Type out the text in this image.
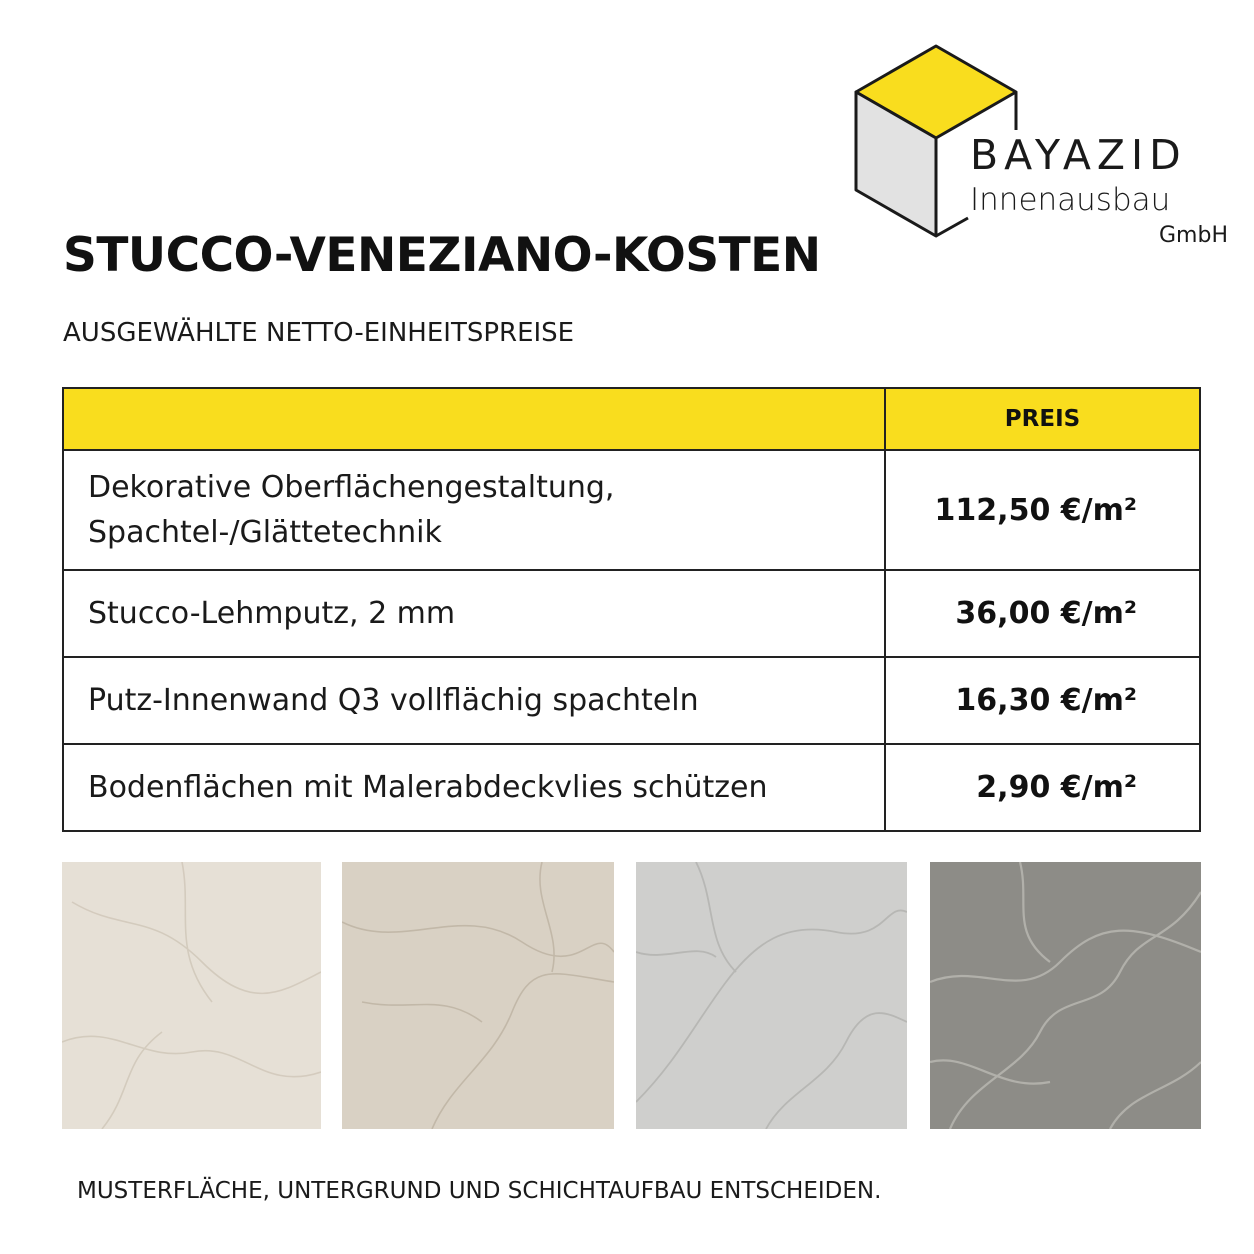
BAYAZID
Innenausbau
GmbH
STUCCO-VENEZIANO-KOSTEN
AUSGEWÄHLTE NETTO-EINHEITSPREISE
	PREIS
Dekorative Oberflächengestaltung,
Spachtel-/Glättetechnik	112,50 €/m²
Stucco-Lehmputz, 2 mm	36,00 €/m²
Putz-Innenwand Q3 vollflächig spachteln	16,30 €/m²
Bodenflächen mit Malerabdeckvlies schützen	2,90 €/m²
MUSTERFLÄCHE, UNTERGRUND UND SCHICHTAUFBAU ENTSCHEIDEN.
